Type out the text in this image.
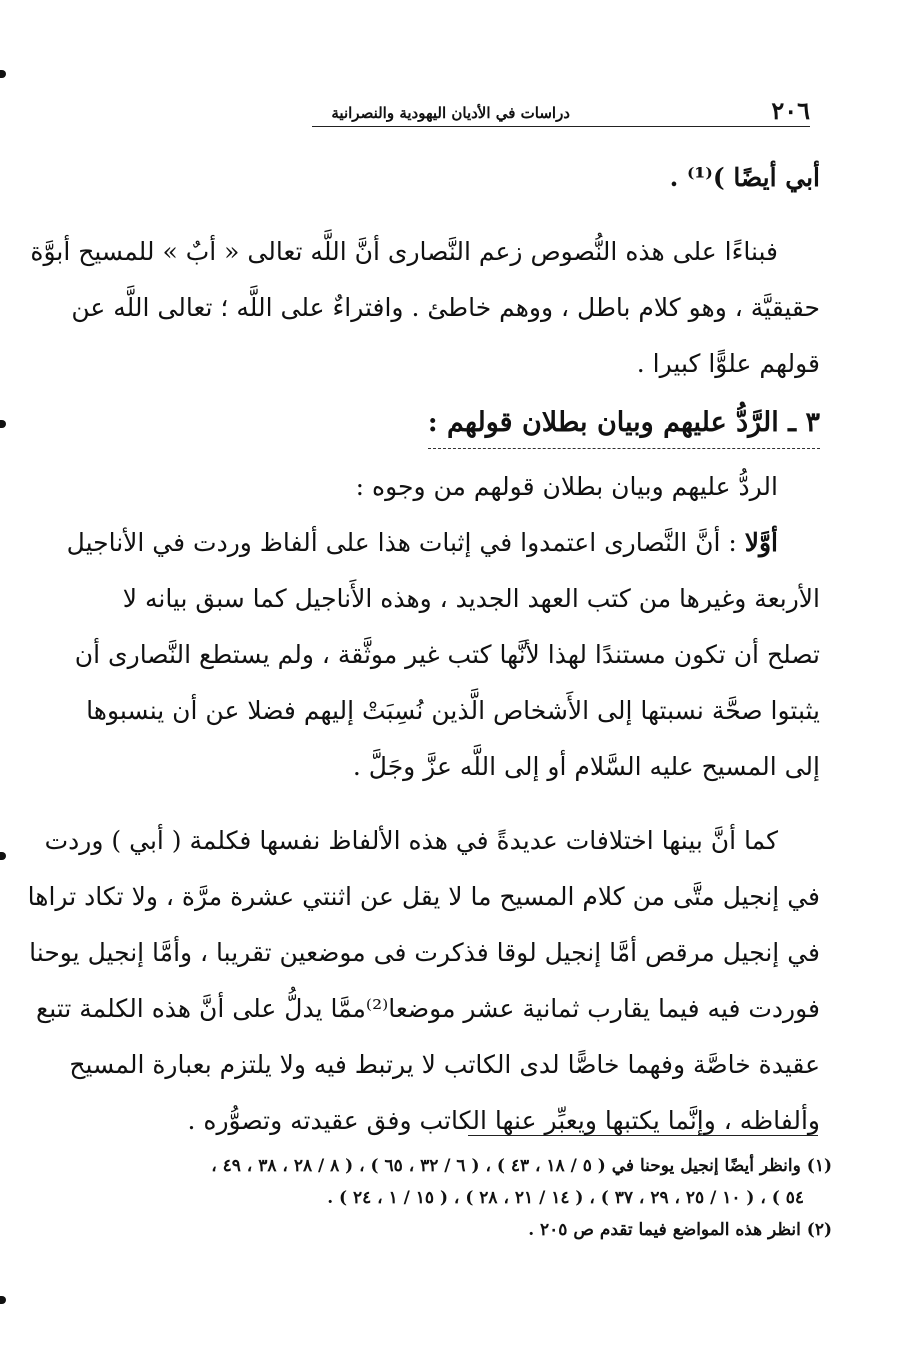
٢٠٦
دراسات في الأديان اليهودية والنصرانية

أبي أيضًا )⁽¹⁾ .

فبناءًا على هذه النُّصوص زعم النَّصارى أنَّ اللَّه تعالى « أبٌ » للمسيح أبوَّة
حقيقيَّة ، وهو كلام باطل ، ووهم خاطئ . وافتراءٌ على اللَّه ؛ تعالى اللَّه عن
قولهم علوًّا كبيرا .

٣ ـ الرَّدُّ عليهم وبيان بطلان قولهم :

الردُّ عليهم وبيان بطلان قولهم من وجوه :

أوَّلا : أنَّ النَّصارى اعتمدوا في إثبات هذا على ألفاظ وردت في الأناجيل
الأربعة وغيرها من كتب العهد الجديد ، وهذه الأَناجيل كما سبق بيانه لا
تصلح أن تكون مستندًا لهذا لأنَّها كتب غير موثَّقة ، ولم يستطع النَّصارى أن
يثبتوا صحَّة نسبتها إلى الأَشخاص الَّذين نُسِبَتْ إليهم فضلا عن أن ينسبوها
إلى المسيح عليه السَّلام أو إلى اللَّه عزَّ وجَلَّ .

كما أنَّ بينها اختلافات عديدةً في هذه الألفاظ نفسها فكلمة ( أبي ) وردت
في إنجيل متَّى من كلام المسيح ما لا يقل عن اثنتي عشرة مرَّة ، ولا تكاد تراها
في إنجيل مرقص أمَّا إنجيل لوقا فذكرت فى موضعين تقريبا ، وأمَّا إنجيل يوحنا
فوردت فيه فيما يقارب ثمانية عشر موضعا⁽²⁾ممَّا يدلُّ على أنَّ هذه الكلمة تتبع
عقيدة خاصَّة وفهما خاصًّا لدى الكاتب لا يرتبط فيه ولا يلتزم بعبارة المسيح
وألفاظه ، وإنَّما يكتبها ويعبِّر عنها الكاتب وفق عقيدته وتصوُّره .

(١) وانظر أيضًا إنجيل يوحنا في ( ٥ / ١٨ ، ٤٣ ) ، ( ٦ / ٣٢ ، ٦٥ ) ، ( ٨ / ٢٨ ، ٣٨ ، ٤٩ ،

٥٤ ) ، ( ١٠ / ٢٥ ، ٢٩ ، ٣٧ ) ، ( ١٤ / ٢١ ، ٢٨ ) ، ( ١٥ / ١ ، ٢٤ ) .

(٢) انظر هذه المواضع فيما تقدم ص ٢٠٥ .
